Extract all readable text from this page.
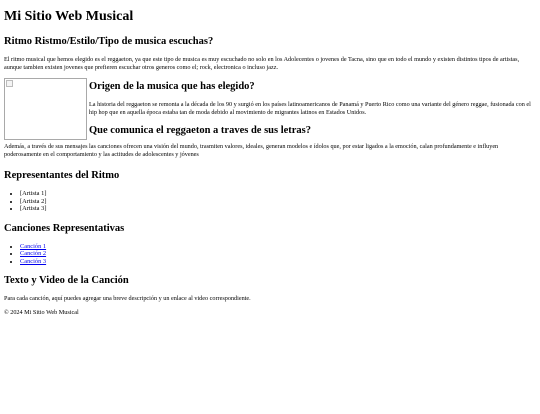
Mi Sitio Web Musical
Ritmo Ristmo/Estilo/Tipo de musica escuchas?

El ritmo musical que hemos elegido es el reggaeton, ya que este tipo de musica es muy escuchado no solo en los Adolecentes o jovenes de Tacna, sino que en todo el mundo y existen distintos tipos de artistas, aunque tambien existen jovenes que prefieren escuchar otros generos como el; rock, electronica o incluso jazz.

Origen de la musica que has elegido?

La historia del reggaeton se remonta a la década de los 90 y surgió en los países latinoamericanos de Panamá y Puerto Rico como una variante del género reggae, fusionada con el hip hop que en aquella época estaba tan de moda debido al movimiento de migrantes latinos en Estados Unidos.

Que comunica el reggaeton a traves de sus letras?

Además, a través de sus mensajes las canciones ofrecen una visión del mundo, trasmiten valores, ideales, generan modelos e ídolos que, por estar ligados a la emoción, calan profundamente e influyen poderosamente en el comportamiento y las actitudes de adolescentes y jóvenes

Representantes del Ritmo
• [Artista 1]
• [Artista 2]
• [Artista 3]
Canciones Representativas
• Canción 1
• Canción 2
• Canción 3
Texto y Video de la Canción

Para cada canción, aquí puedes agregar una breve descripción y un enlace al video correspondiente.

© 2024 Mi Sitio Web Musical
